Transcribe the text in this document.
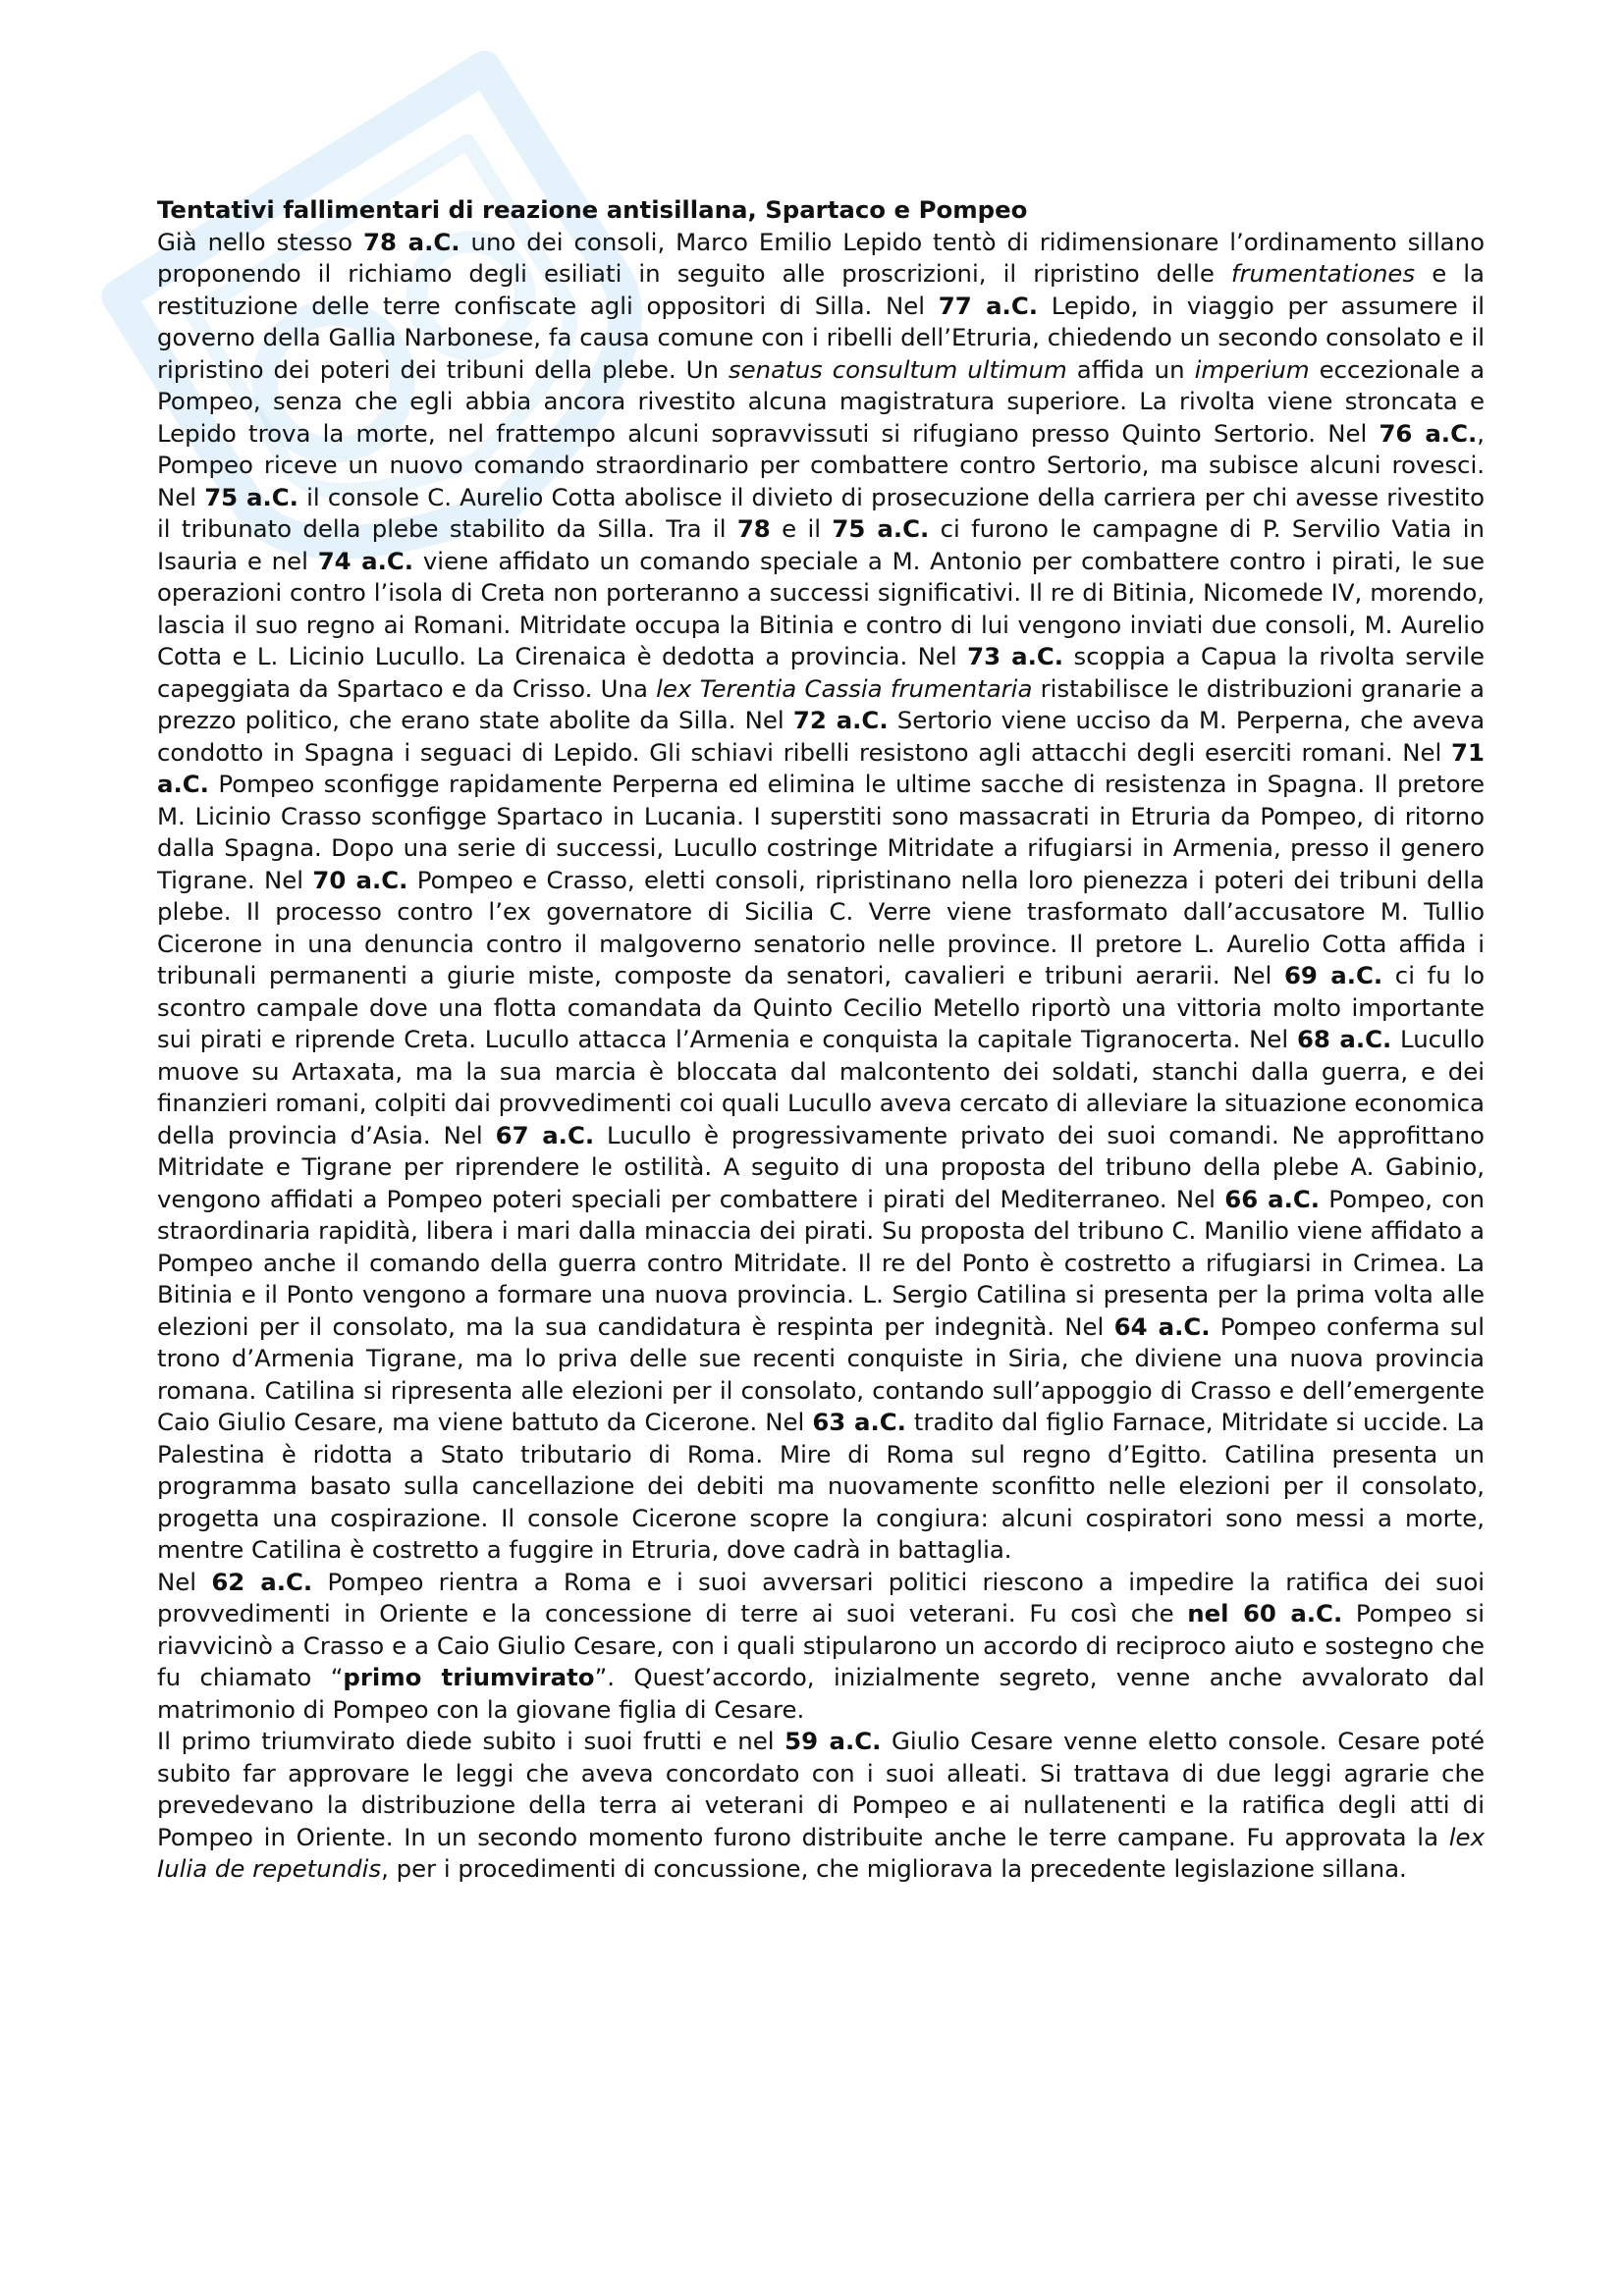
Tentativi fallimentari di reazione antisillana, Spartaco e Pompeo

Già nello stesso 78 a.C. uno dei consoli, Marco Emilio Lepido tentò di ridimensionare l’ordinamento sillano proponendo il richiamo degli esiliati in seguito alle proscrizioni, il ripristino delle frumentationes e la restituzione delle terre confiscate agli oppositori di Silla. Nel 77 a.C. Lepido, in viaggio per assumere il governo della Gallia Narbonese, fa causa comune con i ribelli dell’Etruria, chiedendo un secondo consolato e il ripristino dei poteri dei tribuni della plebe. Un senatus consultum ultimum affida un imperium eccezionale a Pompeo, senza che egli abbia ancora rivestito alcuna magistratura superiore. La rivolta viene stroncata e Lepido trova la morte, nel frattempo alcuni sopravvissuti si rifugiano presso Quinto Sertorio. Nel 76 a.C., Pompeo riceve un nuovo comando straordinario per combattere contro Sertorio, ma subisce alcuni rovesci. Nel 75 a.C. il console C. Aurelio Cotta abolisce il divieto di prosecuzione della carriera per chi avesse rivestito il tribunato della plebe stabilito da Silla. Tra il 78 e il 75 a.C. ci furono le campagne di P. Servilio Vatia in Isauria e nel 74 a.C. viene affidato un comando speciale a M. Antonio per combattere contro i pirati, le sue operazioni contro l’isola di Creta non porteranno a successi significativi. Il re di Bitinia, Nicomede IV, morendo, lascia il suo regno ai Romani. Mitridate occupa la Bitinia e contro di lui vengono inviati due consoli, M. Aurelio Cotta e L. Licinio Lucullo. La Cirenaica è dedotta a provincia. Nel 73 a.C. scoppia a Capua la rivolta servile capeggiata da Spartaco e da Crisso. Una lex Terentia Cassia frumentaria ristabilisce le distribuzioni granarie a prezzo politico, che erano state abolite da Silla. Nel 72 a.C. Sertorio viene ucciso da M. Perperna, che aveva condotto in Spagna i seguaci di Lepido. Gli schiavi ribelli resistono agli attacchi degli eserciti romani. Nel 71 a.C. Pompeo sconfigge rapidamente Perperna ed elimina le ultime sacche di resistenza in Spagna. Il pretore M. Licinio Crasso sconfigge Spartaco in Lucania. I superstiti sono massacrati in Etruria da Pompeo, di ritorno dalla Spagna. Dopo una serie di successi, Lucullo costringe Mitridate a rifugiarsi in Armenia, presso il genero Tigrane. Nel 70 a.C. Pompeo e Crasso, eletti consoli, ripristinano nella loro pienezza i poteri dei tribuni della plebe. Il processo contro l’ex governatore di Sicilia C. Verre viene trasformato dall’accusatore M. Tullio Cicerone in una denuncia contro il malgoverno senatorio nelle province. Il pretore L. Aurelio Cotta affida i tribunali permanenti a giurie miste, composte da senatori, cavalieri e tribuni aerarii. Nel 69 a.C. ci fu lo scontro campale dove una flotta comandata da Quinto Cecilio Metello riportò una vittoria molto importante sui pirati e riprende Creta. Lucullo attacca l’Armenia e conquista la capitale Tigranocerta. Nel 68 a.C. Lucullo muove su Artaxata, ma la sua marcia è bloccata dal malcontento dei soldati, stanchi dalla guerra, e dei finanzieri romani, colpiti dai provvedimenti coi quali Lucullo aveva cercato di alleviare la situazione economica della provincia d’Asia. Nel 67 a.C. Lucullo è progressivamente privato dei suoi comandi. Ne approfittano Mitridate e Tigrane per riprendere le ostilità. A seguito di una proposta del tribuno della plebe A. Gabinio, vengono affidati a Pompeo poteri speciali per combattere i pirati del Mediterraneo. Nel 66 a.C. Pompeo, con straordinaria rapidità, libera i mari dalla minaccia dei pirati. Su proposta del tribuno C. Manilio viene affidato a Pompeo anche il comando della guerra contro Mitridate. Il re del Ponto è costretto a rifugiarsi in Crimea. La Bitinia e il Ponto vengono a formare una nuova provincia. L. Sergio Catilina si presenta per la prima volta alle elezioni per il consolato, ma la sua candidatura è respinta per indegnità. Nel 64 a.C. Pompeo conferma sul trono d’Armenia Tigrane, ma lo priva delle sue recenti conquiste in Siria, che diviene una nuova provincia romana. Catilina si ripresenta alle elezioni per il consolato, contando sull’appoggio di Crasso e dell’emergente Caio Giulio Cesare, ma viene battuto da Cicerone. Nel 63 a.C. tradito dal figlio Farnace, Mitridate si uccide. La Palestina è ridotta a Stato tributario di Roma. Mire di Roma sul regno d’Egitto. Catilina presenta un programma basato sulla cancellazione dei debiti ma nuovamente sconfitto nelle elezioni per il consolato, progetta una cospirazione. Il console Cicerone scopre la congiura: alcuni cospiratori sono messi a morte, mentre Catilina è costretto a fuggire in Etruria, dove cadrà in battaglia.

Nel 62 a.C. Pompeo rientra a Roma e i suoi avversari politici riescono a impedire la ratifica dei suoi provvedimenti in Oriente e la concessione di terre ai suoi veterani. Fu così che nel 60 a.C. Pompeo si riavvicinò a Crasso e a Caio Giulio Cesare, con i quali stipularono un accordo di reciproco aiuto e sostegno che fu chiamato “primo triumvirato”. Quest’accordo, inizialmente segreto, venne anche avvalorato dal matrimonio di Pompeo con la giovane figlia di Cesare.

Il primo triumvirato diede subito i suoi frutti e nel 59 a.C. Giulio Cesare venne eletto console. Cesare poté subito far approvare le leggi che aveva concordato con i suoi alleati. Si trattava di due leggi agrarie che prevedevano la distribuzione della terra ai veterani di Pompeo e ai nullatenenti e la ratifica degli atti di Pompeo in Oriente. In un secondo momento furono distribuite anche le terre campane. Fu approvata la lex Iulia de repetundis, per i procedimenti di concussione, che migliorava la precedente legislazione sillana.
